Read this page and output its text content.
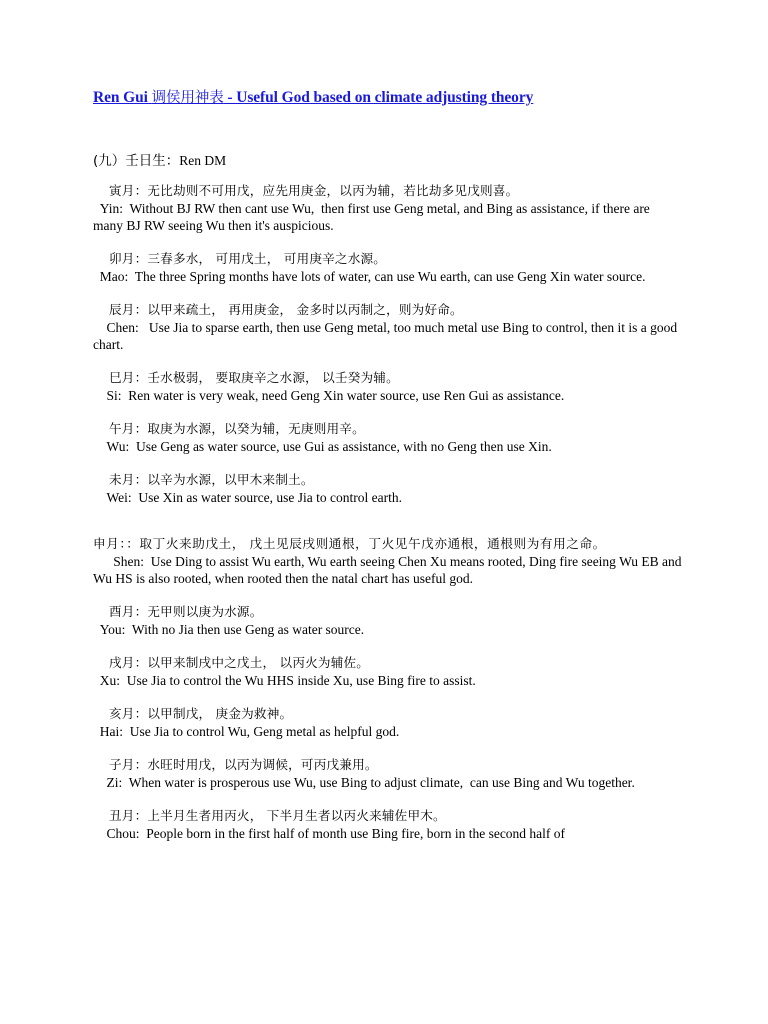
Ren Gui 调侯用神表 - Useful God based on climate adjusting theory
(九）壬日生：Ren DM
寅月：无比劫则不可用戊，应先用庚金，以丙为辅，若比劫多见戊则喜。
Yin:  Without BJ RW then cant use Wu,  then first use Geng metal, and Bing as assistance, if there are many BJ RW seeing Wu then it's auspicious.
卯月：三春多水， 可用戊土， 可用庚辛之水源。
Mao:  The three Spring months have lots of water, can use Wu earth, can use Geng Xin water source.
辰月：以甲来疏土， 再用庚金， 金多时以丙制之，则为好命。
Chen:   Use Jia to sparse earth, then use Geng metal, too much metal use Bing to control, then it is a good chart.
巳月：壬水极弱， 要取庚辛之水源， 以壬癸为辅。
Si:  Ren water is very weak, need Geng Xin water source, use Ren Gui as assistance.
午月：取庚为水源，以癸为辅，无庚则用辛。
Wu:  Use Geng as water source, use Gui as assistance, with no Geng then use Xin.
未月：以辛为水源，以甲木来制土。
Wei:  Use Xin as water source, use Jia to control earth.
申月：：取丁火来助戊土， 戊土见辰戌则通根，丁火见午戊亦通根，通根则为有用之命。
Shen:  Use Ding to assist Wu earth, Wu earth seeing Chen Xu means rooted, Ding fire seeing Wu EB and Wu HS is also rooted, when rooted then the natal chart has useful god.
酉月：无甲则以庚为水源。
You:  With no Jia then use Geng as water source.
戌月：以甲来制戌中之戊土， 以丙火为辅佐。
Xu:  Use Jia to control the Wu HHS inside Xu, use Bing fire to assist.
亥月：以甲制戊， 庚金为救神。
Hai:  Use Jia to control Wu, Geng metal as helpful god.
子月：水旺时用戊，以丙为调候，可丙戊兼用。
Zi:  When water is prosperous use Wu, use Bing to adjust climate,  can use Bing and Wu together.
丑月：上半月生者用丙火， 下半月生者以丙火来辅佐甲木。
Chou:  People born in the first half of month use Bing fire, born in the second half of
